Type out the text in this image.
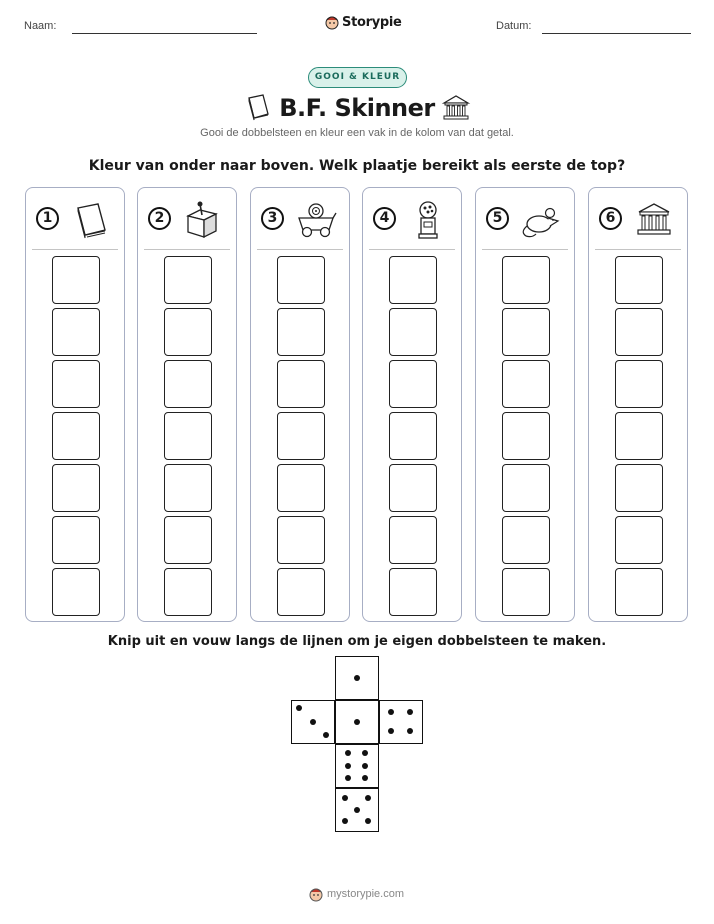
Naam:	Storypie	Datum:
GOOI & KLEUR
B.F. Skinner
Gooi de dobbelsteen en kleur een vak in de kolom van dat getal.
Kleur van onder naar boven. Welk plaatje bereikt als eerste de top?
1	2	3	4	5	6
Knip uit en vouw langs de lijnen om je eigen dobbelsteen te maken.
mystorypie.com
